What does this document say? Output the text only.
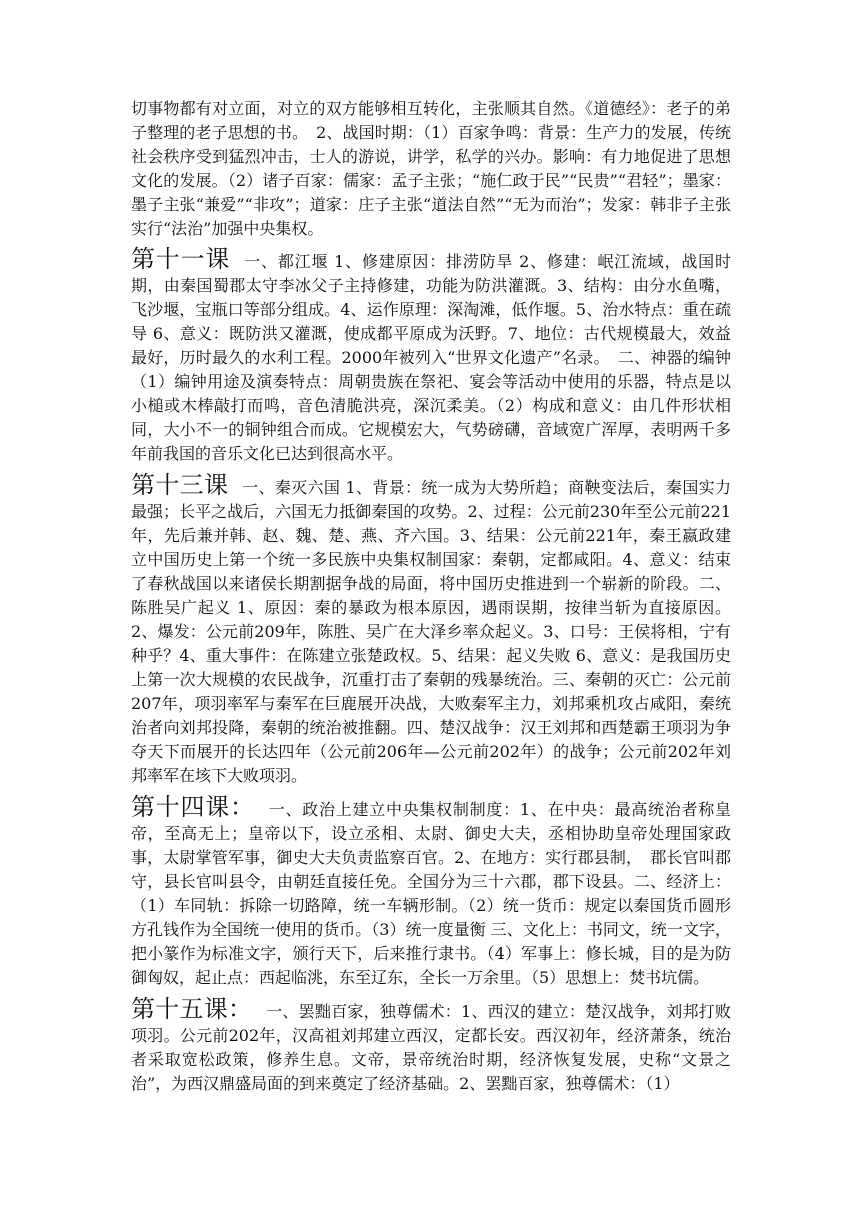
切事物都有对立面，对立的双方能够相互转化，主张顺其自然。《道德经》：老子的弟子整理的老子思想的书。　2、战国时期：（1）百家争鸣：背景：生产力的发展，传统社会秩序受到猛烈冲击，士人的游说，讲学，私学的兴办。影响：有力地促进了思想文化的发展。（2）诸子百家：儒家：孟子主张；“施仁政于民”“民贵”“君轻”；墨家：墨子主张“兼爱”“非攻”；道家：庄子主张“道法自然”“无为而治”；发家：韩非子主张实行“法治”加强中央集权。

第十一课 一、都江堰 1、修建原因：排涝防旱 2、修建：岷江流域，战国时期，由秦国蜀郡太守李冰父子主持修建，功能为防洪灌溉。3、结构：由分水鱼嘴，飞沙堰，宝瓶口等部分组成。4、运作原理：深淘滩，低作堰。5、治水特点：重在疏导 6、意义：既防洪又灌溉，使成都平原成为沃野。7、地位：古代规模最大，效益最好，历时最久的水利工程。2000年被列入“世界文化遗产”名录。　二、神器的编钟　（1）编钟用途及演奏特点：周朝贵族在祭祀、宴会等活动中使用的乐器，特点是以小槌或木棒敲打而鸣，音色清脆洪亮，深沉柔美。（2）构成和意义：由几件形状相同，大小不一的铜钟组合而成。它规模宏大，气势磅礴，音域宽广浑厚，表明两千多年前我国的音乐文化已达到很高水平。

第十三课 一、秦灭六国 1、背景：统一成为大势所趋；商鞅变法后，秦国实力最强；长平之战后，六国无力抵御秦国的攻势。2、过程：公元前230年至公元前221年，先后兼并韩、赵、魏、楚、燕、齐六国。3、结果：公元前221年，秦王嬴政建立中国历史上第一个统一多民族中央集权制国家：秦朝，定都咸阳。4、意义：结束了春秋战国以来诸侯长期割据争战的局面，将中国历史推进到一个崭新的阶段。二、陈胜吴广起义 1、原因：秦的暴政为根本原因，遇雨误期，按律当斩为直接原因。2、爆发：公元前209年，陈胜、吴广在大泽乡率众起义。3、口号：王侯将相，宁有种乎？4、重大事件：在陈建立张楚政权。5、结果：起义失败 6、意义：是我国历史上第一次大规模的农民战争，沉重打击了秦朝的残暴统治。三、秦朝的灭亡：公元前207年，项羽率军与秦军在巨鹿展开决战，大败秦军主力，刘邦乘机攻占咸阳，秦统治者向刘邦投降，秦朝的统治被推翻。四、楚汉战争：汉王刘邦和西楚霸王项羽为争夺天下而展开的长达四年（公元前206年—公元前202年）的战争；公元前202年刘邦率军在垓下大败项羽。

第十四课： 一、政治上建立中央集权制制度：1、在中央：最高统治者称皇帝，至高无上；皇帝以下，设立丞相、太尉、御史大夫，丞相协助皇帝处理国家政事，太尉掌管军事，御史大夫负责监察百官。2、在地方：实行郡县制，　郡长官叫郡守，县长官叫县令，由朝廷直接任免。全国分为三十六郡，郡下设县。二、经济上：（1）车同轨：拆除一切路障，统一车辆形制。（2）统一货币：规定以秦国货币圆形方孔钱作为全国统一使用的货币。（3）统一度量衡 三、文化上：书同文，统一文字，把小篆作为标准文字，颁行天下，后来推行隶书。（4）军事上：修长城，目的是为防御匈奴，起止点：西起临洮，东至辽东，全长一万余里。（5）思想上：焚书坑儒。

第十五课： 一、罢黜百家，独尊儒术：1、西汉的建立：楚汉战争，刘邦打败项羽。公元前202年，汉高祖刘邦建立西汉，定都长安。西汉初年，经济萧条，统治者采取宽松政策，修养生息。文帝，景帝统治时期，经济恢复发展，史称“文景之治”，为西汉鼎盛局面的到来奠定了经济基础。2、罢黜百家，独尊儒术：（1）
